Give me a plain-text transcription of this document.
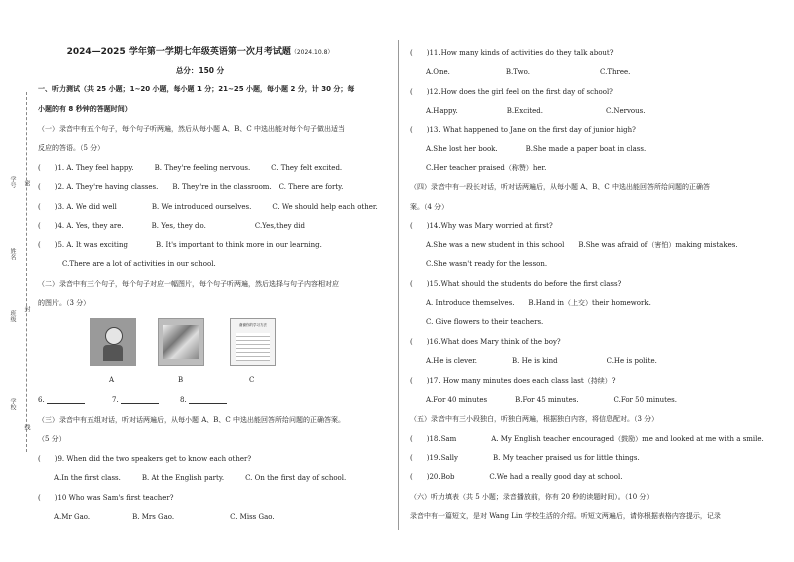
学号
姓名
班级
学校
密
封
线
2024—2025 学年第一学期七年级英语第一次月考试题（2024.10.8）
总分：150 分
一、听力测试（共 25 小题；1~20 小题，每小题 1 分；21~25 小题，每小题 2 分，计 30 分；每
小题的有 8 秒钟的答题时间）
（一）录音中有五个句子，每个句子听两遍，然后从每小题 A、B、C 中选出能对每个句子做出适当
反应的答语。（5 分）
(　　)1. A. They feel happy.　　　B. They're feeling nervous.　　　C. They felt excited.
(　　)2. A. They're having classes.　　B. They're in the classroom.　C. There are forty.
(　　)3. A. We did well　　　　　B. We introduced ourselves.　　　C. We should help each other.
(　　)4. A. Yes, they are.　　　　B. Yes, they do.　　　　　　　C.Yes,they did
(　　)5. A. It was exciting　　　　B. It's important to think more in our learning.
C.There are a lot of activities in our school.
（二）录音中有三个句子，每个句子对应一幅图片，每个句子听两遍，然后选择与句子内容相对应
的图片。（3 分）
谢谢你的学习方法
A	B	C
6.	7.	8.
（三）录音中有五组对话，听对话两遍后，从每小题 A、B、C 中选出能回答所给问题的正确答案。
（5 分）
(　　)9. When did the two speakers get to know each other?
A.In the first class.　　　B. At the English party.　　　C. On the first day of school.
(　　)10 Who was Sam's first teacher?
A.Mr Gao.　　　　　　B. Mrs Gao.　　　　　　　　C. Miss Gao.
(　　)11.How many kinds of activities do they talk about?
A.One.　　　　　　　　B.Two.　　　　　　　　　　C.Three.
(　　)12.How does the girl feel on the first day of school?
A.Happy.　　　　　　　B.Excited.　　　　　　　　　C.Nervous.
(　　)13. What happened to Jane on the first day of junior high?
A.She lost her book.　　　　B.She made a paper boat in class.
C.Her teacher praised（称赞）her.
（四）录音中有一段长对话，听对话两遍后，从每小题 A、B、C 中选出能回答所给问题的正确答
案。（4 分）
(　　)14.Why was Mary worried at first?
A.She was a new student in this school　　B.She was afraid of（害怕）making mistakes.
C.She wasn't ready for the lesson.
(　　)15.What should the students do before the first class?
A. Introduce themselves.　　B.Hand in（上交）their homework.
C. Give flowers to their teachers.
(　　)16.What does Mary think of the boy?
A.He is clever.　　　　　B. He is kind　　　　　　　C.He is polite.
(　　)17. How many minutes does each class last（持续）?
A.For 40 minutes　　　　B.For 45 minutes.　　　　　C.For 50 minutes.
（五）录音中有三小段独白，听独白两遍，根据独白内容，将信息配对。（3 分）
(　　)18.Sam　　　　　A. My English teacher encouraged（鼓励）me and looked at me with a smile.
(　　)19.Sally　　　　　B. My teacher praised us for little things.
(　　)20.Bob　　　　　C.We had a really good day at school.
（六）听力填表（共 5 小题；录音播放前，你有 20 秒的读题时间）。（10 分）
录音中有一篇短文，是对 Wang Lin 学校生活的介绍。听短文两遍后，请你根据表格内容提示，记录
